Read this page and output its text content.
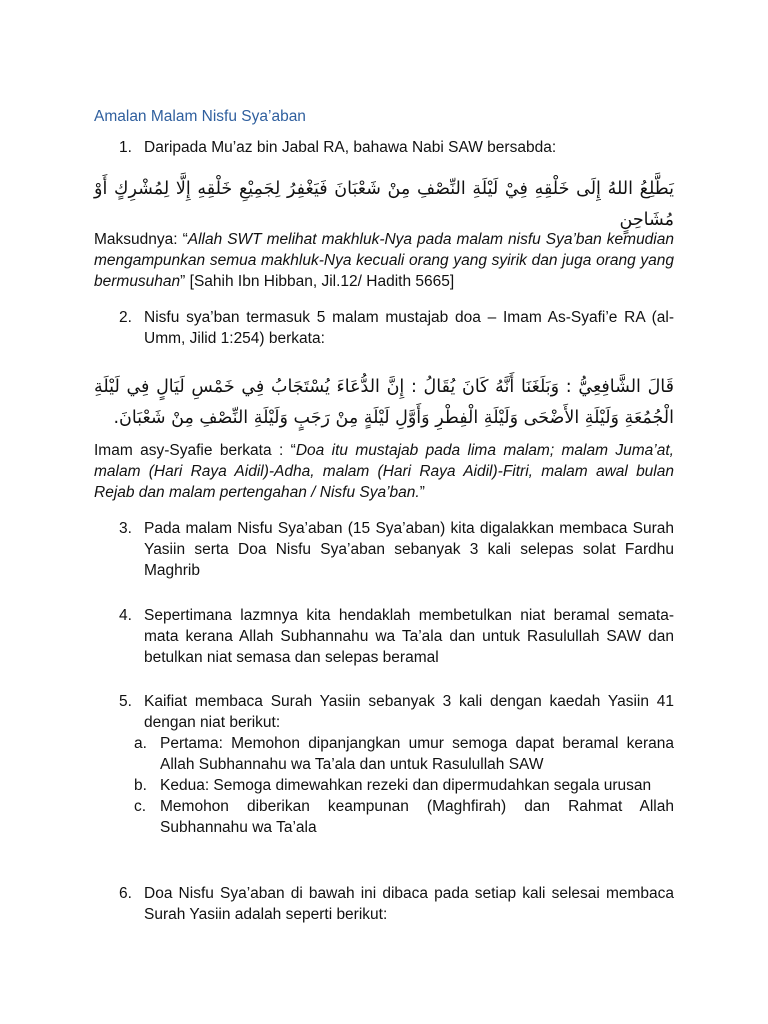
Amalan Malam Nisfu Sya’aban
1. Daripada Mu’az bin Jabal RA, bahawa Nabi SAW bersabda:
يَطَّلِعُ اللهُ إِلَى خَلْقِهِ فِيْ لَيْلَةِ النِّصْفِ مِنْ شَعْبَانَ فَيَغْفِرُ لِجَمِيْعِ خَلْقِهِ إِلَّا لِمُشْرِكٍ أَوْ مُشَاحِنٍ
Maksudnya: “Allah SWT melihat makhluk-Nya pada malam nisfu Sya’ban kemudian mengampunkan semua makhluk-Nya kecuali orang yang syirik dan juga orang yang bermusuhan” [Sahih Ibn Hibban, Jil.12/ Hadith 5665]
2. Nisfu sya’ban termasuk 5 malam mustajab doa – Imam As-Syafi’e RA (al-Umm, Jilid 1:254) berkata:
قَالَ الشَّافِعِيُّ : وَبَلَغَنَا أَنَّهُ كَانَ يُقَالُ : إِنَّ الدُّعَاءَ يُسْتَجَابُ فِي خَمْسِ لَيَالٍ فِي لَيْلَةِ الْجُمُعَةِ وَلَيْلَةِ الأَضْحَى وَلَيْلَةِ الْفِطْرِ وَأَوَّلِ لَيْلَةٍ مِنْ رَجَبٍ وَلَيْلَةِ النِّصْفِ مِنْ شَعْبَانَ.
Imam asy-Syafie berkata : “Doa itu mustajab pada lima malam; malam Juma’at, malam (Hari Raya Aidil)-Adha, malam (Hari Raya Aidil)-Fitri, malam awal bulan Rejab dan malam pertengahan / Nisfu Sya’ban.”
3. Pada malam Nisfu Sya’aban (15 Sya’aban) kita digalakkan membaca Surah Yasiin serta Doa Nisfu Sya’aban sebanyak 3 kali selepas solat Fardhu Maghrib
4. Sepertimana lazmnya kita hendaklah membetulkan niat beramal semata-mata kerana Allah Subhannahu wa Ta’ala dan untuk Rasulullah SAW dan betulkan niat semasa dan selepas beramal
5. Kaifiat membaca Surah Yasiin sebanyak 3 kali dengan kaedah Yasiin 41 dengan niat berikut:
a. Pertama: Memohon dipanjangkan umur semoga dapat beramal kerana Allah Subhannahu wa Ta’ala dan untuk Rasulullah SAW
b. Kedua: Semoga dimewahkan rezeki dan dipermudahkan segala urusan
c. Memohon diberikan keampunan (Maghfirah) dan Rahmat Allah Subhannahu wa Ta’ala
6. Doa Nisfu Sya’aban di bawah ini dibaca pada setiap kali selesai membaca Surah Yasiin adalah seperti berikut:
